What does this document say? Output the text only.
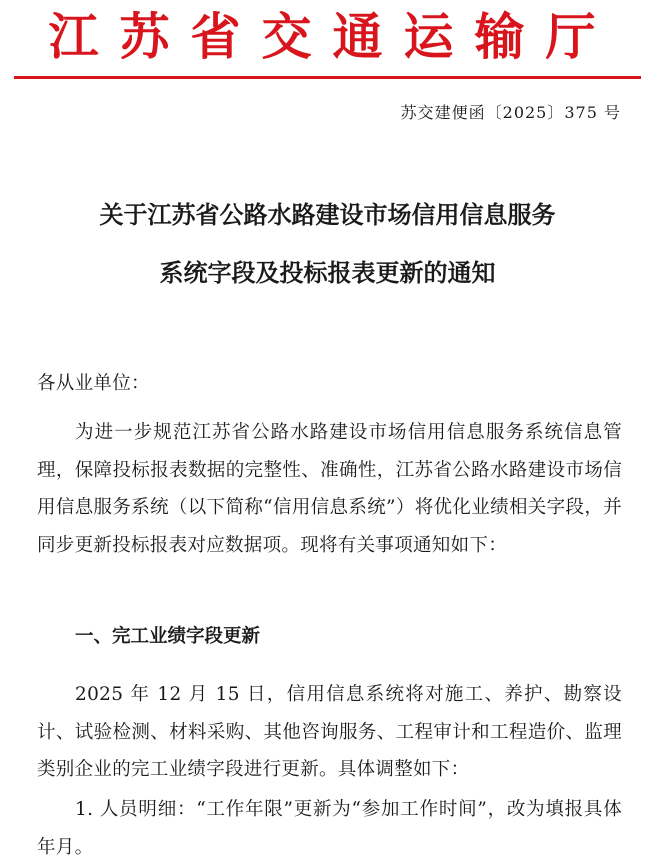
江苏省交通运输厅
苏交建便函〔2025〕375 号
关于江苏省公路水路建设市场信用信息服务
系统字段及投标报表更新的通知

各从业单位：

为进一步规范江苏省公路水路建设市场信用信息服务系统信息管理，保障投标报表数据的完整性、准确性，江苏省公路水路建设市场信用信息服务系统（以下简称“信用信息系统”）将优化业绩相关字段，并同步更新投标报表对应数据项。现将有关事项通知如下：

一、完工业绩字段更新

2025 年 12 月 15 日，信用信息系统将对施工、养护、勘察设计、试验检测、材料采购、其他咨询服务、工程审计和工程造价、监理类别企业的完工业绩字段进行更新。具体调整如下：

1. 人员明细：“工作年限”更新为“参加工作时间”，改为填报具体年月。
